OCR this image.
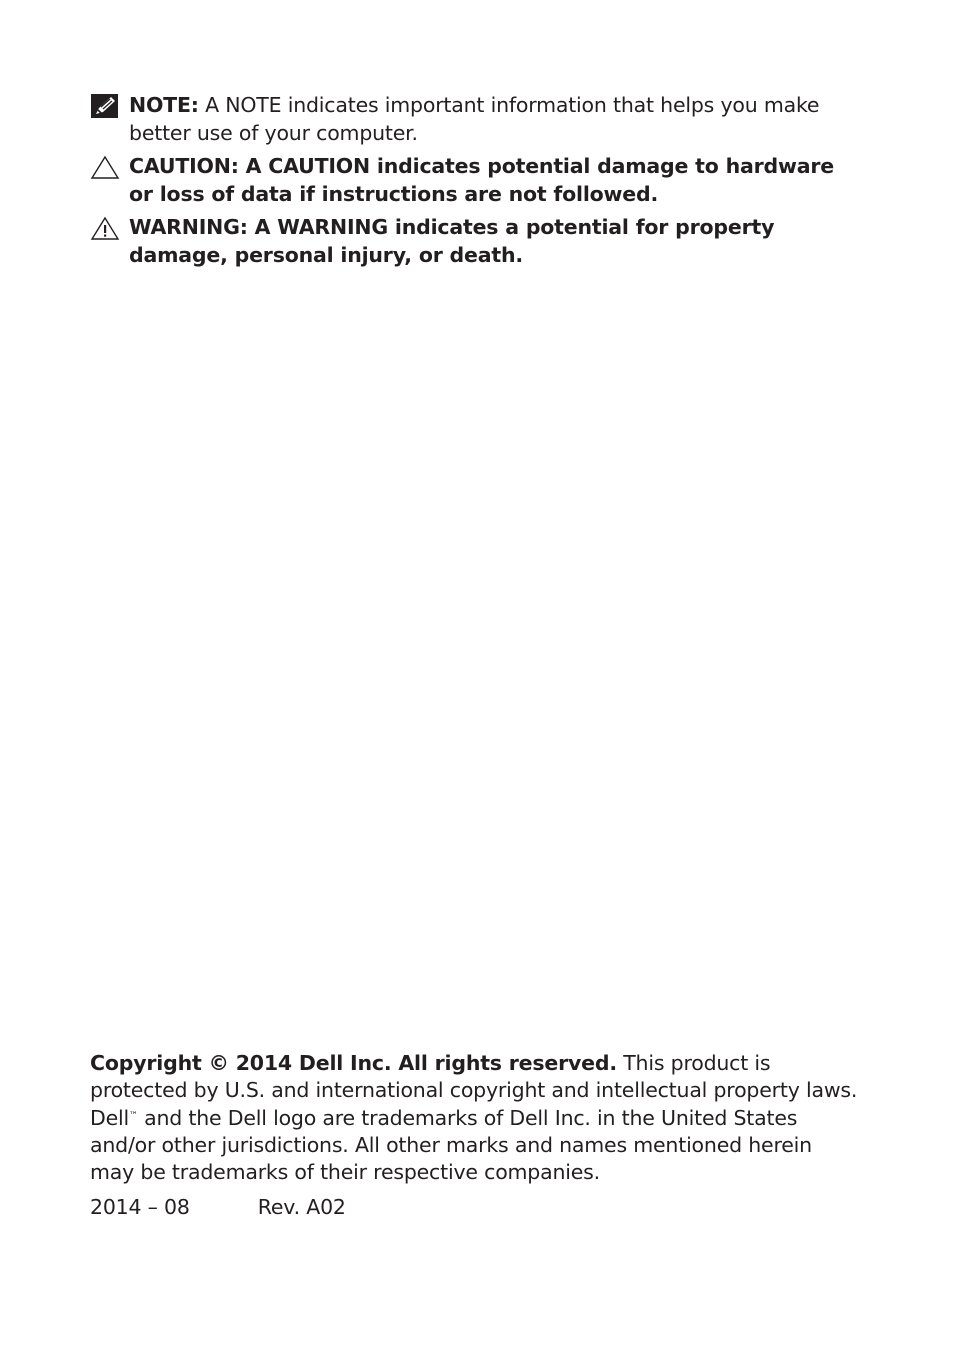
NOTE: A NOTE indicates important information that helps you make better use of your computer.
CAUTION: A CAUTION indicates potential damage to hardware or loss of data if instructions are not followed.
WARNING: A WARNING indicates a potential for property damage, personal injury, or death.

Copyright © 2014 Dell Inc. All rights reserved. This product is protected by U.S. and international copyright and intellectual property laws.

Dell™ and the Dell logo are trademarks of Dell Inc. in the United States and/or other jurisdictions. All other marks and names mentioned herein may be trademarks of their respective companies.

2014 – 08	Rev. A02
